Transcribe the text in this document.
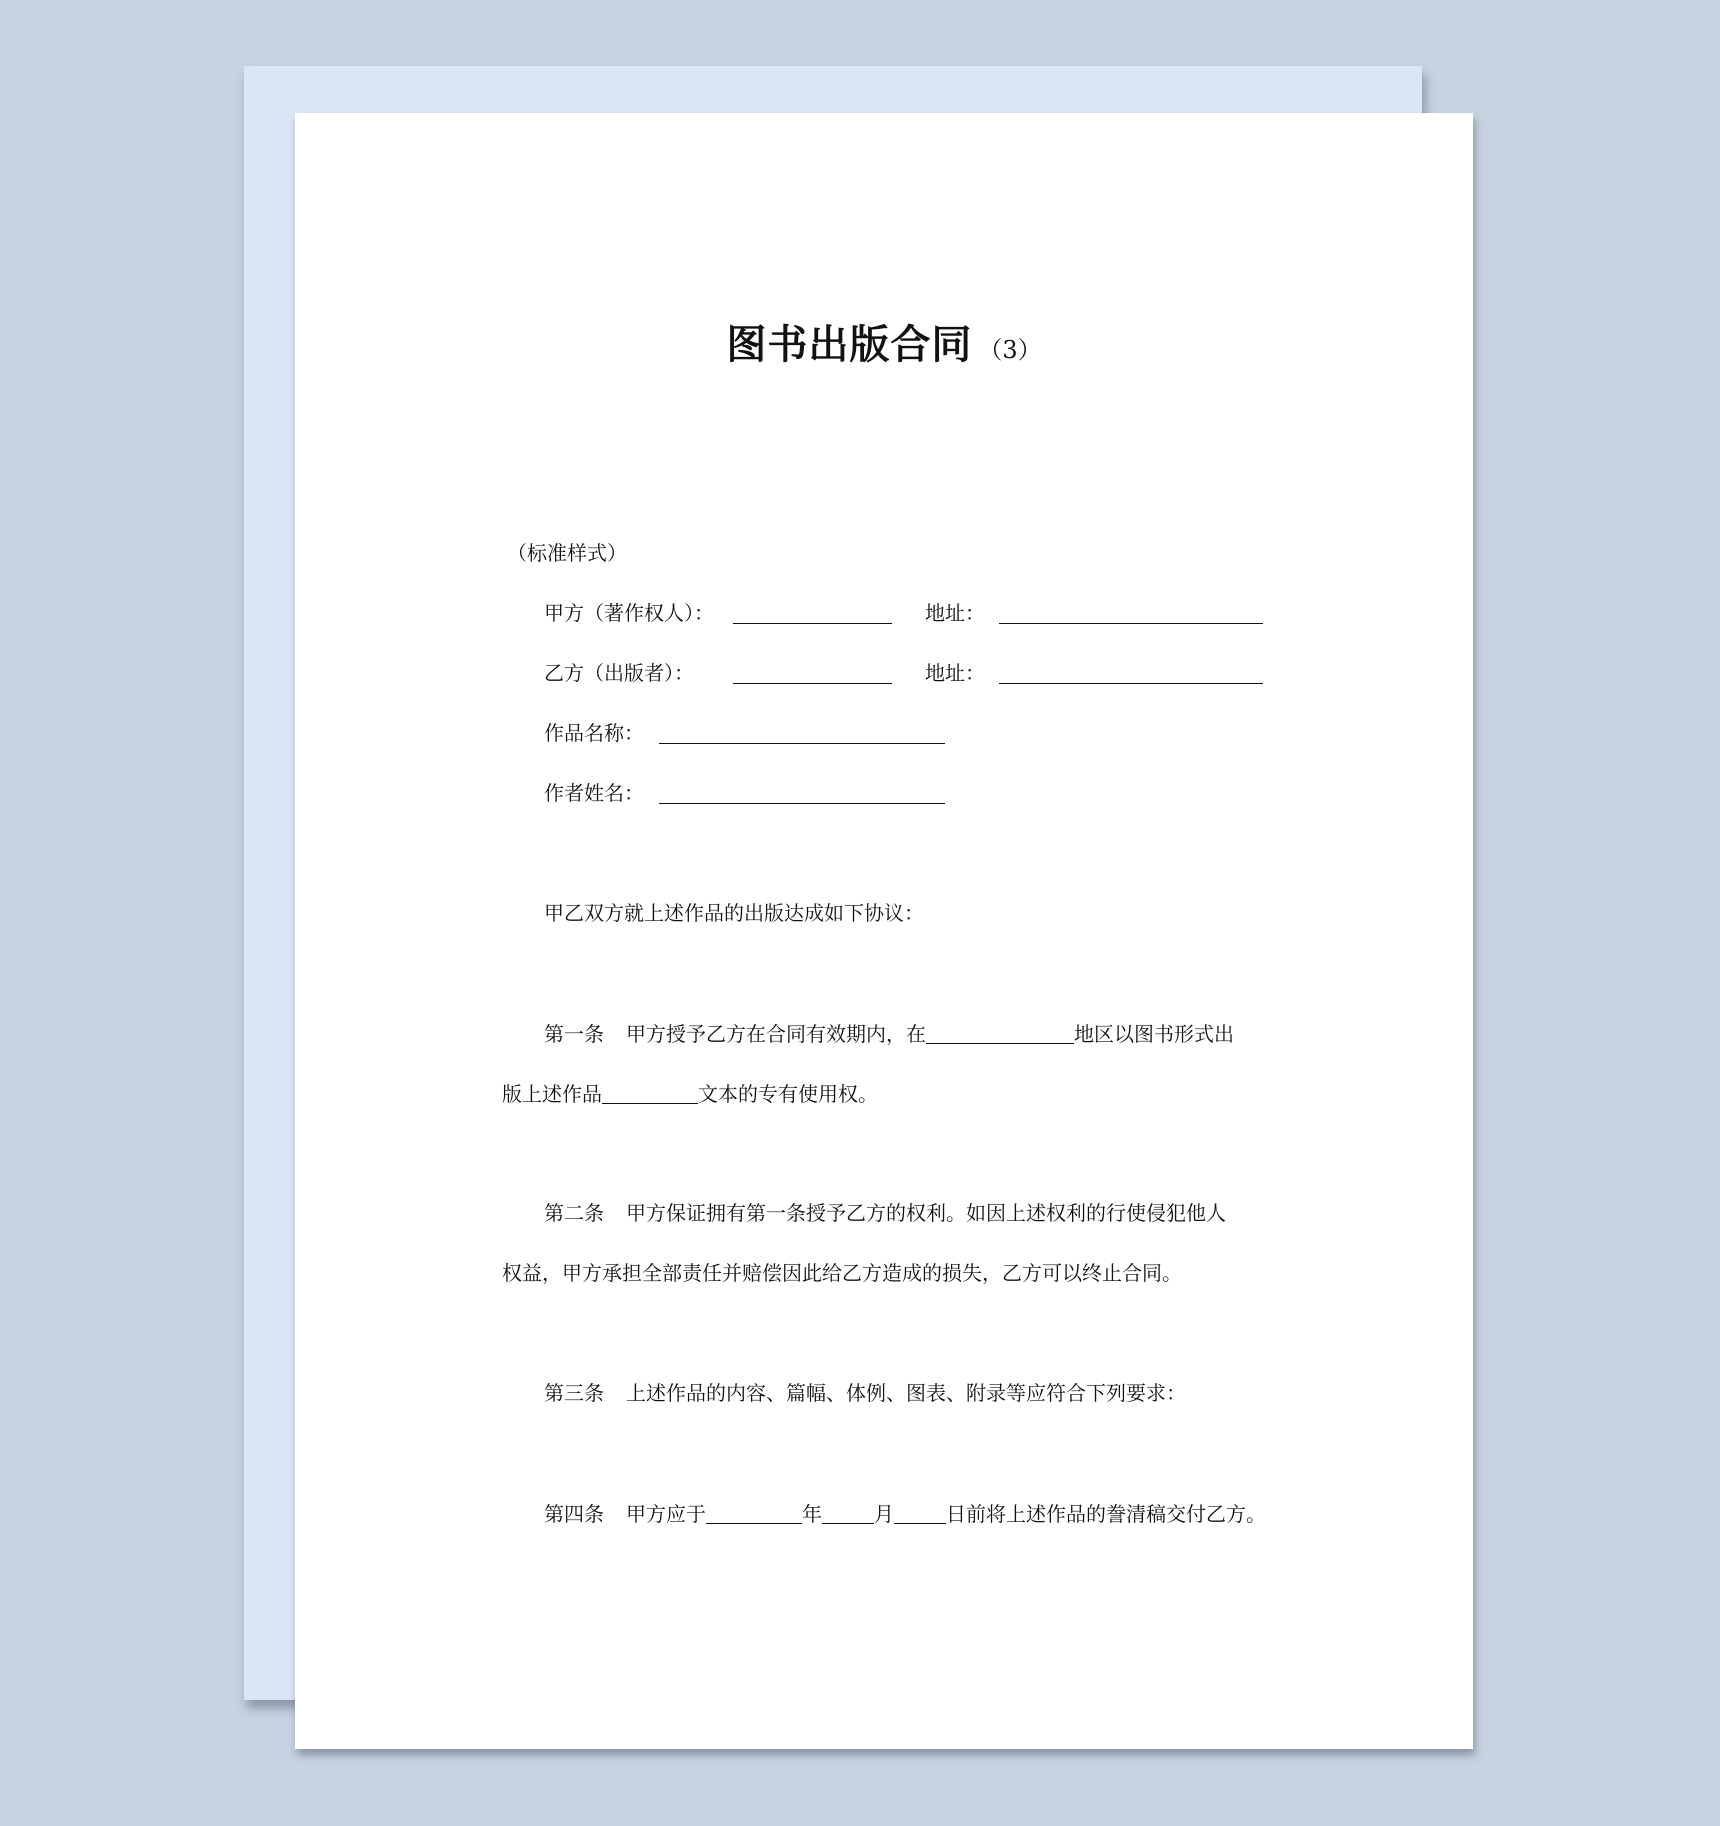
图书出版合同 （3）
（标准样式）
甲方（著作权人）：	地址：
乙方（出版者）：	地址：
作品名称：
作者姓名：
甲乙双方就上述作品的出版达成如下协议：
第一条 甲方授予乙方在合同有效期内，在	地区以图书形式出
版上述作品	文本的专有使用权。
第二条 甲方保证拥有第一条授予乙方的权利。如因上述权利的行使侵犯他人
权益，甲方承担全部责任并赔偿因此给乙方造成的损失，乙方可以终止合同。
第三条 上述作品的内容、篇幅、体例、图表、附录等应符合下列要求：
第四条 甲方应于	年	月	日前将上述作品的誊清稿交付乙方。
